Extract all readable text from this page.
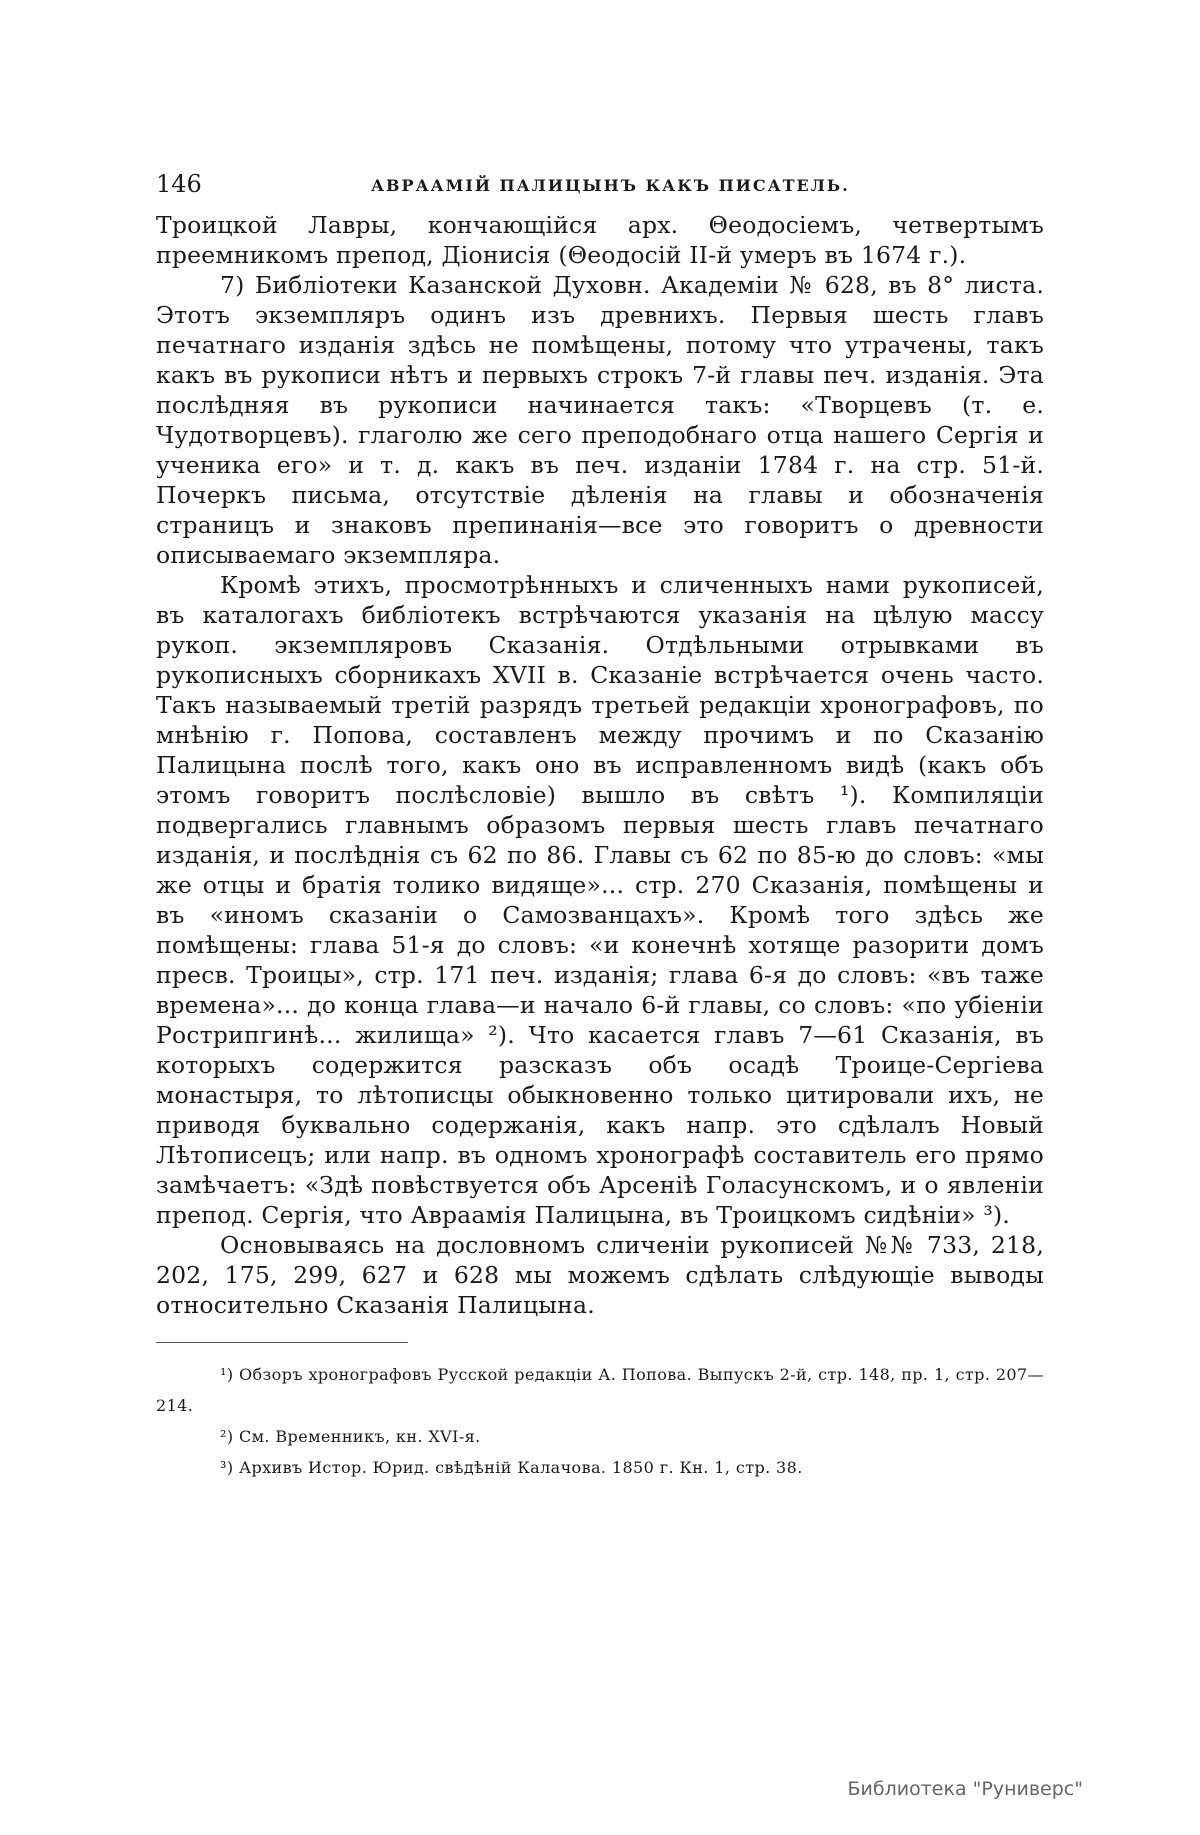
146	АВРААМІЙ ПАЛИЦЫНЪ КАКЪ ПИСАТЕЛЬ.

Троицкой Лавры, кончающійся арх. Θеодосіемъ, четвертымъ преемникомъ препод, Діонисія (Θеодосій II-й умеръ въ 1674 г.).

7) Библіотеки Казанской Духовн. Академіи № 628, въ 8° листа. Этотъ экземпляръ одинъ изъ древнихъ. Первыя шесть главъ печатнаго изданія здѣсь не помѣщены, потому что утрачены, такъ какъ въ рукописи нѣтъ и первыхъ строкъ 7-й главы печ. изданія. Эта послѣдняя въ рукописи начинается такъ: «Творцевъ (т. е. Чудотворцевъ). глаголю же сего преподобнаго отца нашего Сергія и ученика его» и т. д. какъ въ печ. изданіи 1784 г. на стр. 51-й. Почеркъ письма, отсутствіе дѣленія на главы и обозначенія страницъ и знаковъ препинанія—все это говоритъ о древности описываемаго экземпляра.

Кромѣ этихъ, просмотрѣнныхъ и сличенныхъ нами рукописей, въ каталогахъ библіотекъ встрѣчаются указанія на цѣлую массу рукоп. экземпляровъ Сказанія. Отдѣльными отрывками въ рукописныхъ сборникахъ XVII в. Сказаніе встрѣчается очень часто. Такъ называемый третій разрядъ третьей редакціи хронографовъ, по мнѣнію г. Попова, составленъ между прочимъ и по Сказанію Палицына послѣ того, какъ оно въ исправленномъ видѣ (какъ объ этомъ говоритъ послѣсловіе) вышло въ свѣтъ ¹). Компиляціи подвергались главнымъ образомъ первыя шесть главъ печатнаго изданія, и послѣднія съ 62 по 86. Главы съ 62 по 85-ю до словъ: «мы же отцы и братія толико видяще»... стр. 270 Сказанія, помѣщены и въ «иномъ сказаніи о Самозванцахъ». Кромѣ того здѣсь же помѣщены: глава 51-я до словъ: «и конечнѣ хотяще разорити домъ пресв. Троицы», стр. 171 печ. изданія; глава 6-я до словъ: «въ таже времена»... до конца глава—и начало 6-й главы, со словъ: «по убіеніи Рострипгинѣ... жилища» ²). Что касается главъ 7—61 Сказанія, въ которыхъ содержится разсказъ объ осадѣ Троице-Сергіева монастыря, то лѣтописцы обыкновенно только цитировали ихъ, не приводя буквально содержанія, какъ напр. это сдѣлалъ Новый Лѣтописецъ; или напр. въ одномъ хронографѣ составитель его прямо замѣчаетъ: «Здѣ повѣствуется объ Арсеніѣ Голасунскомъ, и о явленіи препод. Сергія, что Авраамія Палицына, въ Троицкомъ сидѣніи» ³).

Основываясь на дословномъ сличеніи рукописей №№ 733, 218, 202, 175, 299, 627 и 628 мы можемъ сдѣлать слѣдующіе выводы относительно Сказанія Палицына.

¹) Обзоръ хронографовъ Русской редакціи А. Попова. Выпускъ 2-й, стр. 148, пр. 1, стр. 207—214.

²) См. Временникъ, кн. XVI-я.

³) Архивъ Истор. Юрид. свѣдѣній Калачова. 1850 г. Кн. 1, стр. 38.

Библиотека "Руниверс"
